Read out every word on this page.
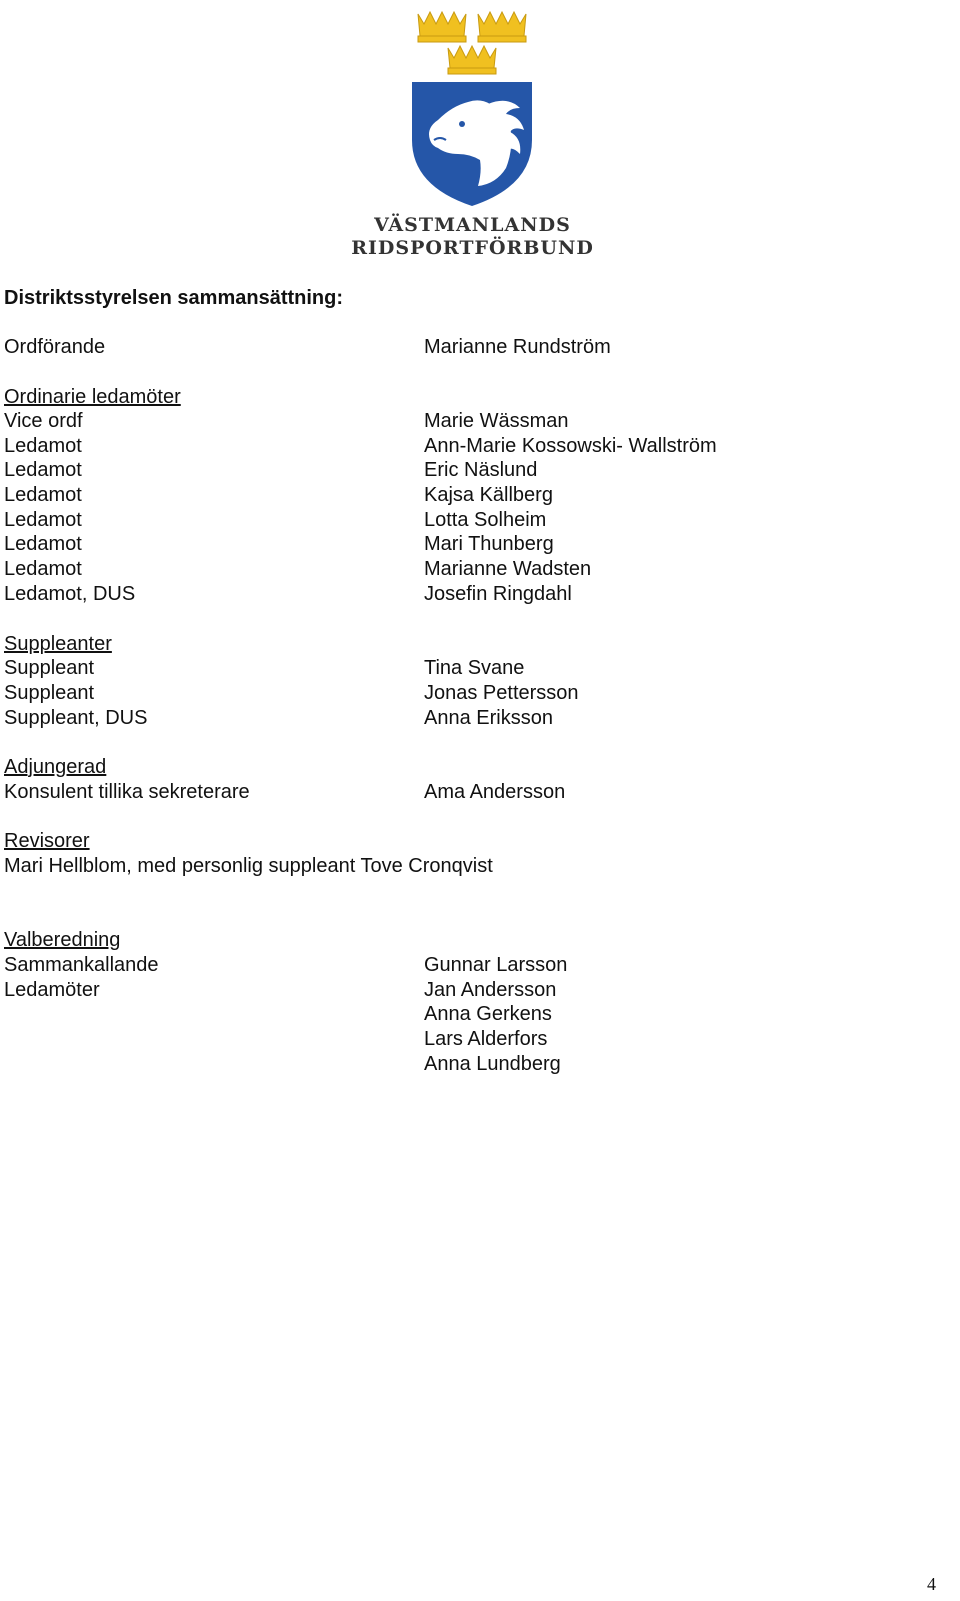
VÄSTMANLANDS
RIDSPORTFÖRBUND
Distriktsstyrelsen sammansättning:
Ordförande	Marianne Rundström
Ordinarie ledamöter
Vice ordf	Marie Wässman
Ledamot	Ann-Marie Kossowski- Wallström
Ledamot	Eric Näslund
Ledamot	Kajsa Källberg
Ledamot	Lotta Solheim
Ledamot	Mari Thunberg
Ledamot	Marianne Wadsten
Ledamot, DUS	Josefin Ringdahl
Suppleanter
Suppleant	Tina Svane
Suppleant	Jonas Pettersson
Suppleant, DUS	Anna Eriksson
Adjungerad
Konsulent tillika sekreterare	Ama Andersson
Revisorer
Mari Hellblom, med personlig suppleant Tove Cronqvist
Valberedning
Sammankallande	Gunnar Larsson
Ledamöter	Jan Andersson
Anna Gerkens
Lars Alderfors
Anna Lundberg
4
